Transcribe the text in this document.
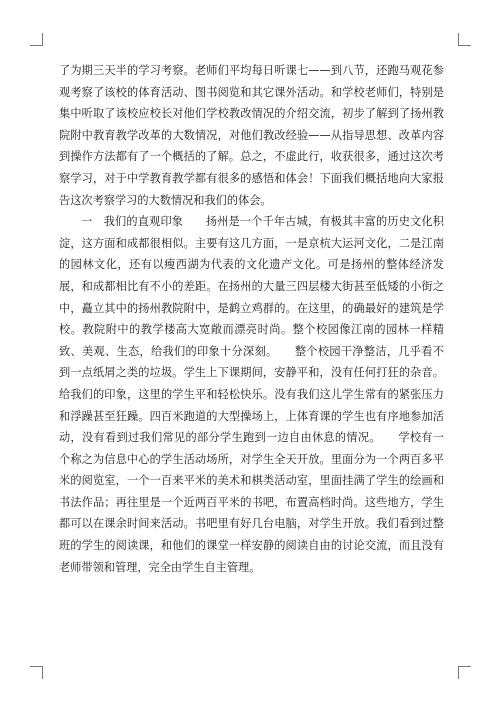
了为期三天半的学习考察。老师们平均每日听课七——到八节，还跑马观花参观考察了该校的体育活动、图书阅览和其它课外活动。和学校老师们，特别是集中听取了该校应校长对他们学校教改情况的介绍交流，初步了解到了扬州教院附中教育教学改革的大数情况，对他们教改经验——从指导思想、改革内容到操作方法都有了一个概括的了解。总之，不虚此行，收获很多，通过这次考察学习，对于中学教育教学都有很多的感悟和体会！下面我们概括地向大家报告这次考察学习的大数情况和我们的体会。

一　我们的直观印象　　扬州是一个千年古城，有极其丰富的历史文化积淀，这方面和成都很相似。主要有这几方面，一是京杭大运河文化，二是江南的园林文化，还有以瘦西湖为代表的文化遗产文化。可是扬州的整体经济发展，和成都相比有不小的差距。在扬州的大量三四层楼大街甚至低矮的小街之中，矗立其中的扬州教院附中，是鹤立鸡群的。在这里，的确最好的建筑是学校。教院附中的教学楼高大宽敞而漂亮时尚。整个校园像江南的园林一样精致、美观、生态，给我们的印象十分深刻。　　整个校园干净整洁，几乎看不到一点纸屑之类的垃圾。学生上下课期间，安静平和，没有任何打狂的杂音。给我们的印象，这里的学生平和轻松快乐。没有我们这儿学生常有的紧张压力和浮躁甚至狂躁。四百米跑道的大型操场上，上体育课的学生也有序地参加活动，没有看到过我们常见的部分学生跑到一边自由休息的情况。　　学校有一个称之为信息中心的学生活动场所，对学生全天开放。里面分为一个两百多平米的阅览室，一个一百来平米的美术和棋类活动室，里面挂满了学生的绘画和书法作品；再往里是一个近两百平米的书吧，布置高档时尚。这些地方，学生都可以在课余时间来活动。书吧里有好几台电脑，对学生开放。我们看到过整班的学生的阅读课，和他们的课堂一样安静的阅读自由的讨论交流，而且没有老师带领和管理，完全由学生自主管理。
